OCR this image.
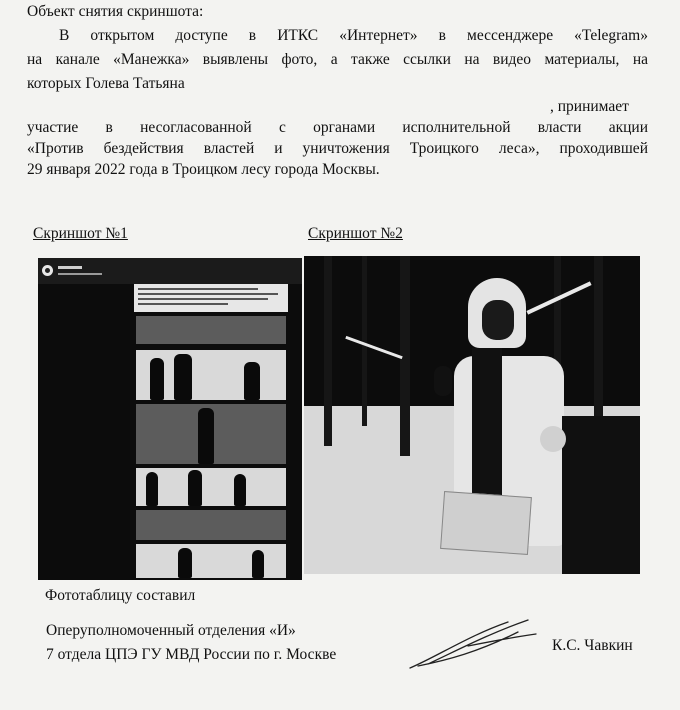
Объект снятия скриншота:
В открытом доступе в ИТКС «Интернет» в мессенджере «Telegram»
на канале «Манежка» выявлены фото, а также ссылки на видео материалы, на
которых Голева Татьяна
, принимает
участие в несогласованной с органами исполнительной власти акции
«Против бездействия властей и уничтожения Троицкого леса», проходившей
29 января 2022 года в Троицком лесу города Москвы.
Скриншот №1	Скриншот №2
Фототаблицу составил
Оперуполномоченный отделения «И»
7 отдела ЦПЭ ГУ МВД России по г. Москве
К.С. Чавкин
